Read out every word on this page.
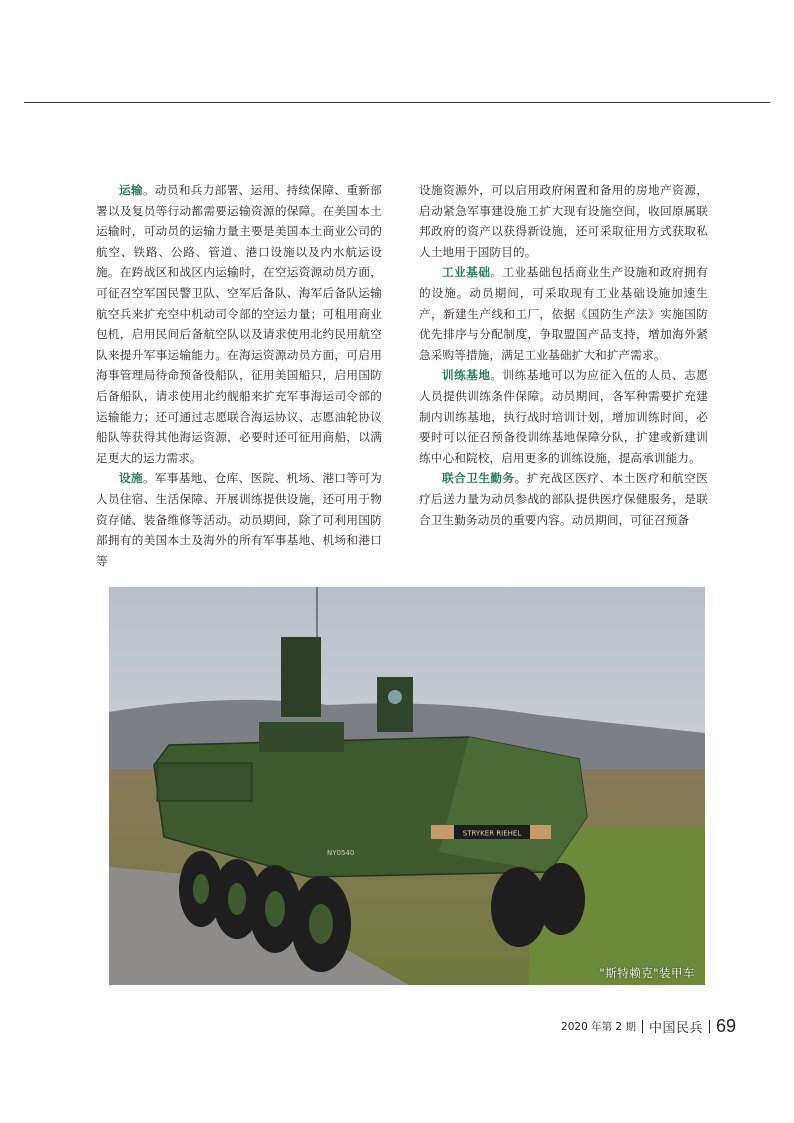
运输。动员和兵力部署、运用、持续保障、重新部署以及复员等行动都需要运输资源的保障。在美国本土运输时，可动员的运输力量主要是美国本土商业公司的航空、铁路、公路、管道、港口设施以及内水航运设施。在跨战区和战区内运输时，在空运资源动员方面，可征召空军国民警卫队、空军后备队、海军后备队运输航空兵来扩充空中机动司令部的空运力量；可租用商业包机，启用民间后备航空队以及请求使用北约民用航空队来提升军事运输能力。在海运资源动员方面，可启用海事管理局待命预备役船队，征用美国船只，启用国防后备船队，请求使用北约舰船来扩充军事海运司令部的运输能力；还可通过志愿联合海运协议、志愿油轮协议船队等获得其他海运资源，必要时还可征用商船，以满足更大的运力需求。

设施。军事基地、仓库、医院、机场、港口等可为人员住宿、生活保障、开展训练提供设施，还可用于物资存储、装备维修等活动。动员期间，除了可利用国防部拥有的美国本土及海外的所有军事基地、机场和港口等

设施资源外，可以启用政府闲置和备用的房地产资源，启动紧急军事建设施工扩大现有设施空间，收回原属联邦政府的资产以获得新设施，还可采取征用方式获取私人土地用于国防目的。

工业基础。工业基础包括商业生产设施和政府拥有的设施。动员期间，可采取现有工业基础设施加速生产，新建生产线和工厂，依据《国防生产法》实施国防优先排序与分配制度，争取盟国产品支持，增加海外紧急采购等措施，满足工业基础扩大和扩产需求。

训练基地。训练基地可以为应征入伍的人员、志愿人员提供训练条件保障。动员期间，各军种需要扩充建制内训练基地，执行战时培训计划，增加训练时间，必要时可以征召预备役训练基地保障分队，扩建或新建训练中心和院校，启用更多的训练设施，提高承训能力。

联合卫生勤务。扩充战区医疗、本土医疗和航空医疗后送力量为动员参战的部队提供医疗保健服务，是联合卫生勤务动员的重要内容。动员期间，可征召预备

STRYKER RIEHEL
NY0540
"斯特赖克"装甲车
2020 年第 2 期 中国民兵 69
